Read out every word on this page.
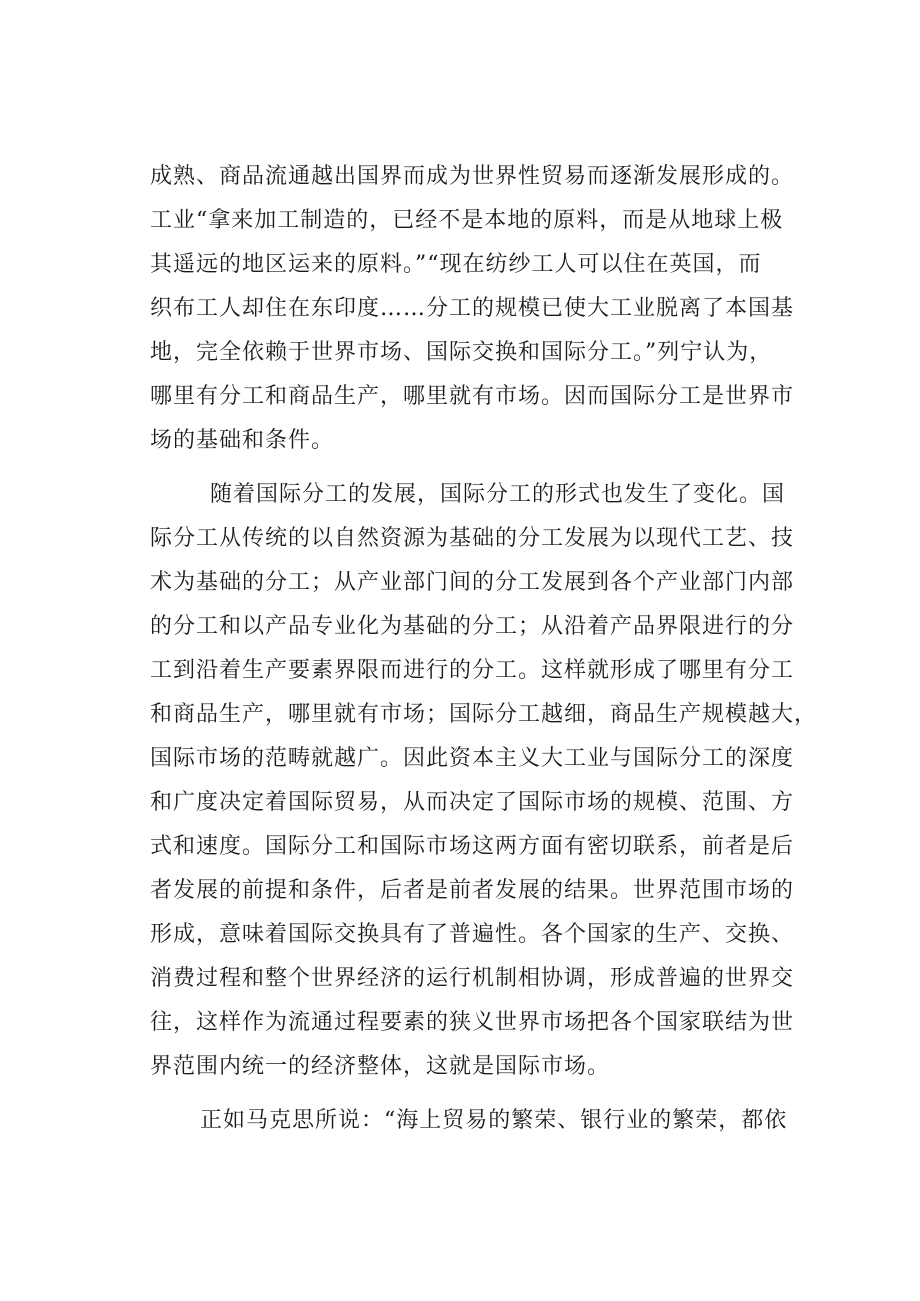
成熟、商品流通越出国界而成为世界性贸易而逐渐发展形成的。
工业“拿来加工制造的，已经不是本地的原料，而是从地球上极
其遥远的地区运来的原料。”“现在纺纱工人可以住在英国，而
织布工人却住在东印度……分工的规模已使大工业脱离了本国基
地，完全依赖于世界市场、国际交换和国际分工。”列宁认为，
哪里有分工和商品生产，哪里就有市场。因而国际分工是世界市
场的基础和条件。
随着国际分工的发展，国际分工的形式也发生了变化。国
际分工从传统的以自然资源为基础的分工发展为以现代工艺、技
术为基础的分工；从产业部门间的分工发展到各个产业部门内部
的分工和以产品专业化为基础的分工；从沿着产品界限进行的分
工到沿着生产要素界限而进行的分工。这样就形成了哪里有分工
和商品生产，哪里就有市场；国际分工越细，商品生产规模越大，
国际市场的范畴就越广。因此资本主义大工业与国际分工的深度
和广度决定着国际贸易，从而决定了国际市场的规模、范围、方
式和速度。国际分工和国际市场这两方面有密切联系，前者是后
者发展的前提和条件，后者是前者发展的结果。世界范围市场的
形成，意味着国际交换具有了普遍性。各个国家的生产、交换、
消费过程和整个世界经济的运行机制相协调，形成普遍的世界交
往，这样作为流通过程要素的狭义世界市场把各个国家联结为世
界范围内统一的经济整体，这就是国际市场。
正如马克思所说：“海上贸易的繁荣、银行业的繁荣，都依
